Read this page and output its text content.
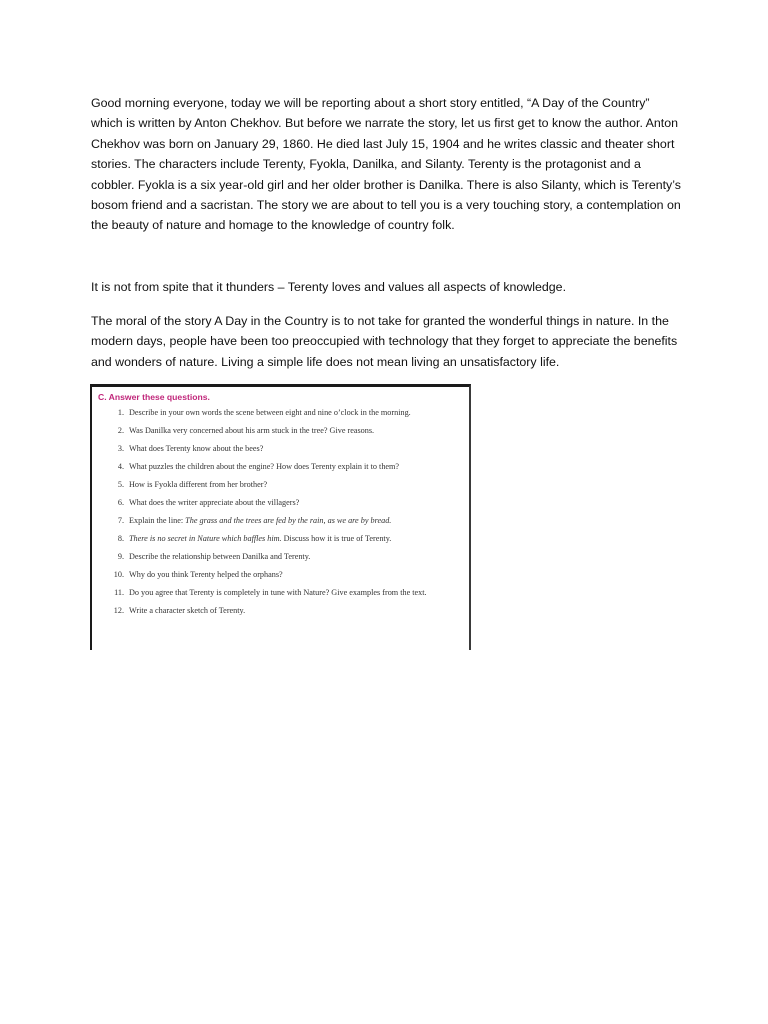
Good morning everyone, today we will be reporting about a short story entitled, “A Day of the Country” which is written by Anton Chekhov. But before we narrate the story, let us first get to know the author. Anton Chekhov was born on January 29, 1860. He died last July 15, 1904 and he writes classic and theater short stories. The characters include Terenty, Fyokla, Danilka, and Silanty. Terenty is the protagonist and a cobbler. Fyokla is a six year-old girl and her older brother is Danilka. There is also Silanty, which is Terenty’s bosom friend and a sacristan. The story we are about to tell you is a very touching story, a contemplation on the beauty of nature and homage to the knowledge of country folk.

It is not from spite that it thunders – Terenty loves and values all aspects of knowledge.

The moral of the story A Day in the Country is to not take for granted the wonderful things in nature. In the modern days, people have been too preoccupied with technology that they forget to appreciate the benefits and wonders of nature. Living a simple life does not mean living an unsatisfactory life.

C. Answer these questions.

1. Describe in your own words the scene between eight and nine o’clock in the morning.
2. Was Danilka very concerned about his arm stuck in the tree? Give reasons.
3. What does Terenty know about the bees?
4. What puzzles the children about the engine? How does Terenty explain it to them?
5. How is Fyokla different from her brother?
6. What does the writer appreciate about the villagers?
7. Explain the line: The grass and the trees are fed by the rain, as we are by bread.
8. There is no secret in Nature which baffles him. Discuss how it is true of Terenty.
9. Describe the relationship between Danilka and Terenty.
10. Why do you think Terenty helped the orphans?
11. Do you agree that Terenty is completely in tune with Nature? Give examples from the text.
12. Write a character sketch of Terenty.
